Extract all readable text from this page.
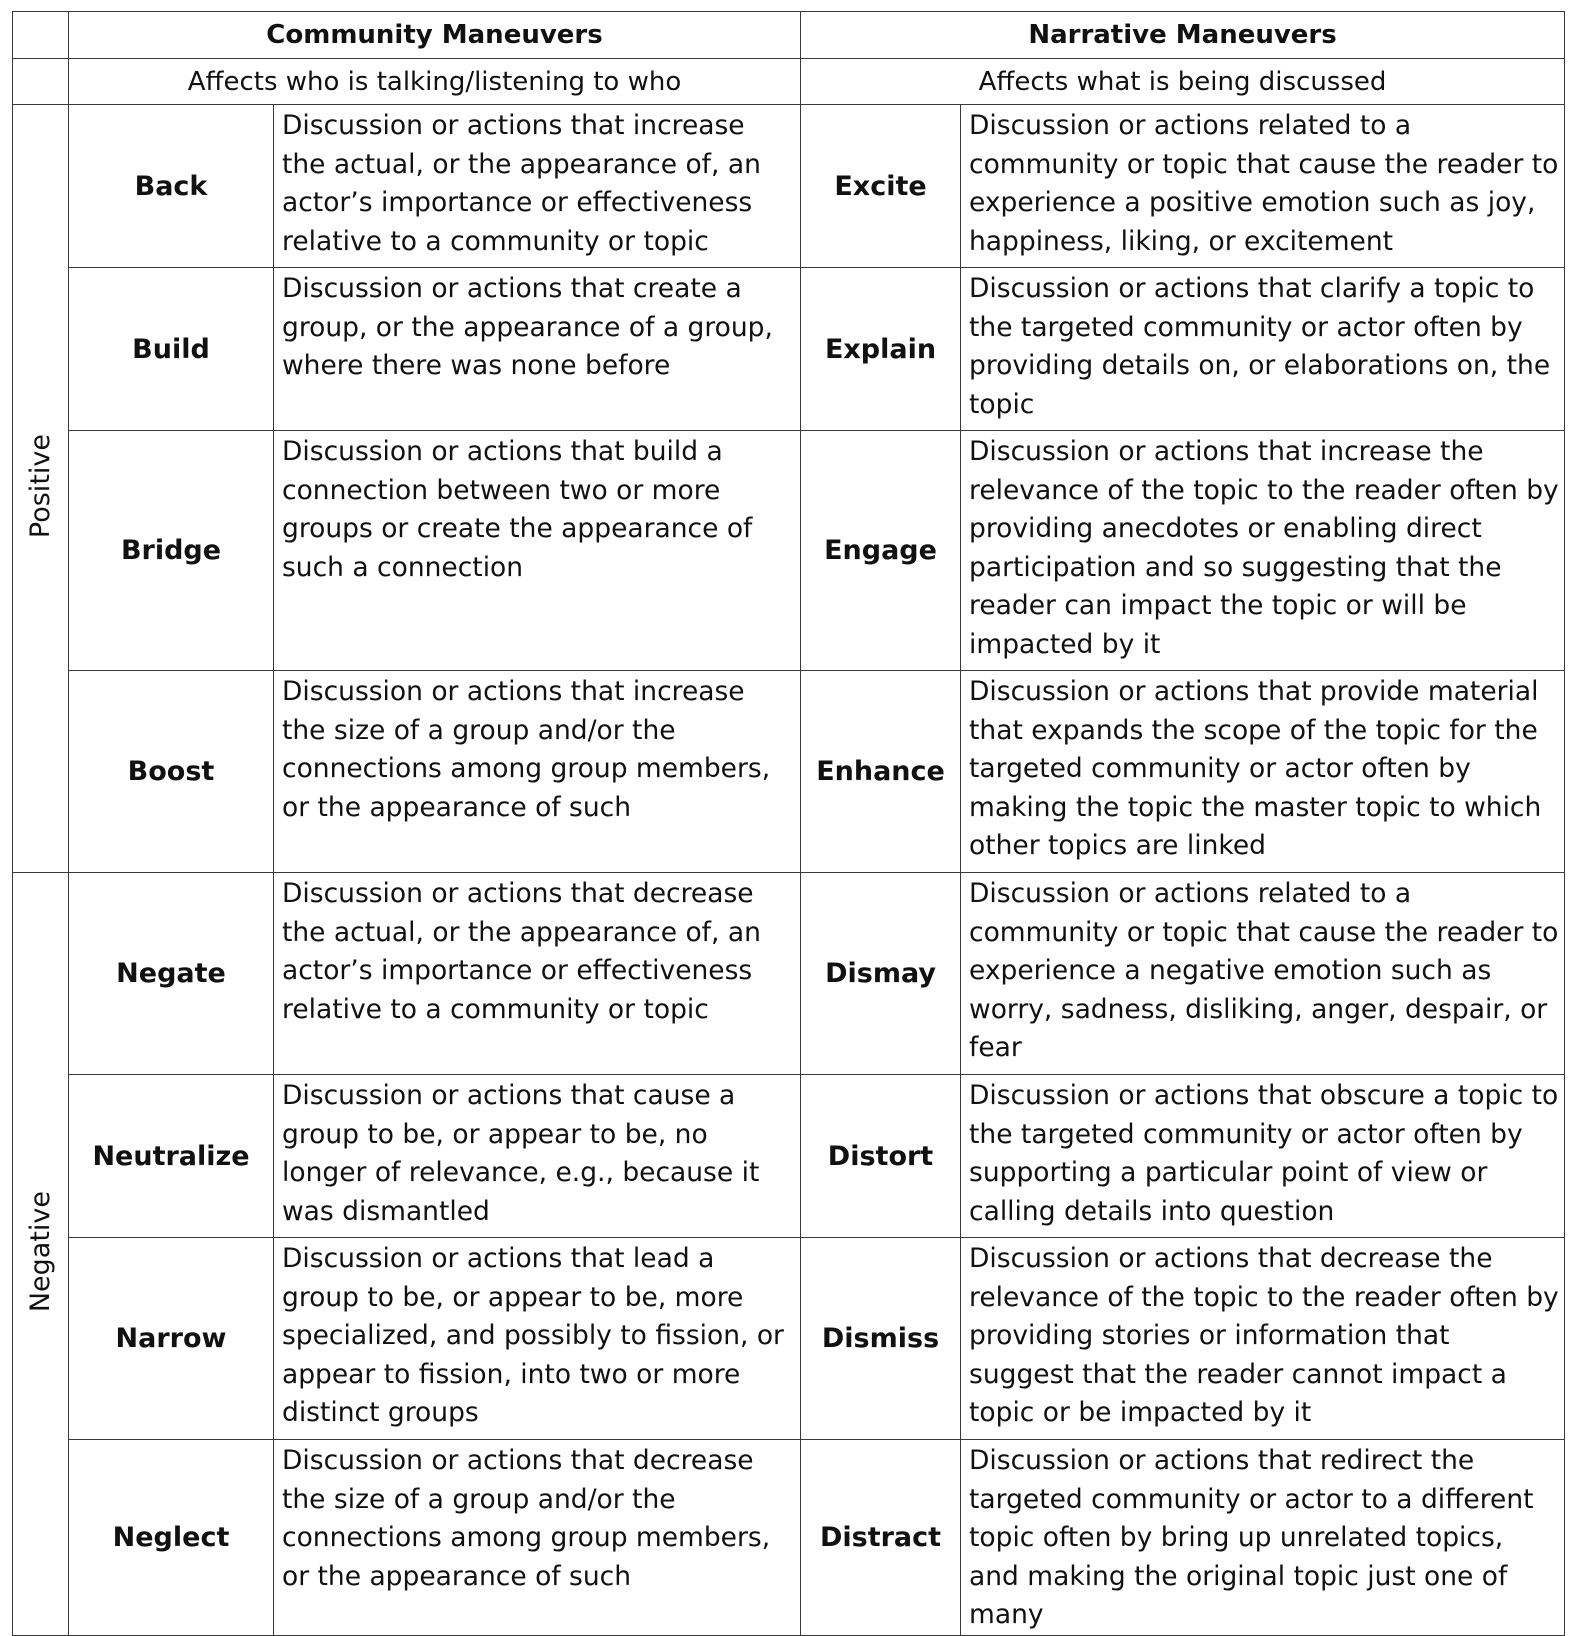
	Community Maneuvers		Narrative Maneuvers	
	Affects who is talking/listening to who		Affects what is being discussed	
Positive	Back	Discussion or actions that increase the actual, or the appearance of, an actor’s importance or effectiveness relative to a community or topic	Excite	Discussion or actions related to a community or topic that cause the reader to experience a positive emotion such as joy, happiness, liking, or excitement
	Build	Discussion or actions that create a group, or the appearance of a group, where there was none before	Explain	Discussion or actions that clarify a topic to the targeted community or actor often by providing details on, or elaborations on, the topic
	Bridge	Discussion or actions that build a connection between two or more groups or create the appearance of such a connection	Engage	Discussion or actions that increase the relevance of the topic to the reader often by providing anecdotes or enabling direct participation and so suggesting that the reader can impact the topic or will be impacted by it
	Boost	Discussion or actions that increase the size of a group and/or the connections among group members, or the appearance of such	Enhance	Discussion or actions that provide material that expands the scope of the topic for the targeted community or actor often by making the topic the master topic to which other topics are linked
Negative	Negate	Discussion or actions that decrease the actual, or the appearance of, an actor’s importance or effectiveness relative to a community or topic	Dismay	Discussion or actions related to a community or topic that cause the reader to experience a negative emotion such as worry, sadness, disliking, anger, despair, or fear
	Neutralize	Discussion or actions that cause a group to be, or appear to be, no longer of relevance, e.g., because it was dismantled	Distort	Discussion or actions that obscure a topic to the targeted community or actor often by supporting a particular point of view or calling details into question
	Narrow	Discussion or actions that lead a group to be, or appear to be, more specialized, and possibly to fission, or appear to fission, into two or more distinct groups	Dismiss	Discussion or actions that decrease the relevance of the topic to the reader often by providing stories or information that suggest that the reader cannot impact a topic or be impacted by it
	Neglect	Discussion or actions that decrease the size of a group and/or the connections among group members, or the appearance of such	Distract	Discussion or actions that redirect the targeted community or actor to a different topic often by bring up unrelated topics, and making the original topic just one of many
